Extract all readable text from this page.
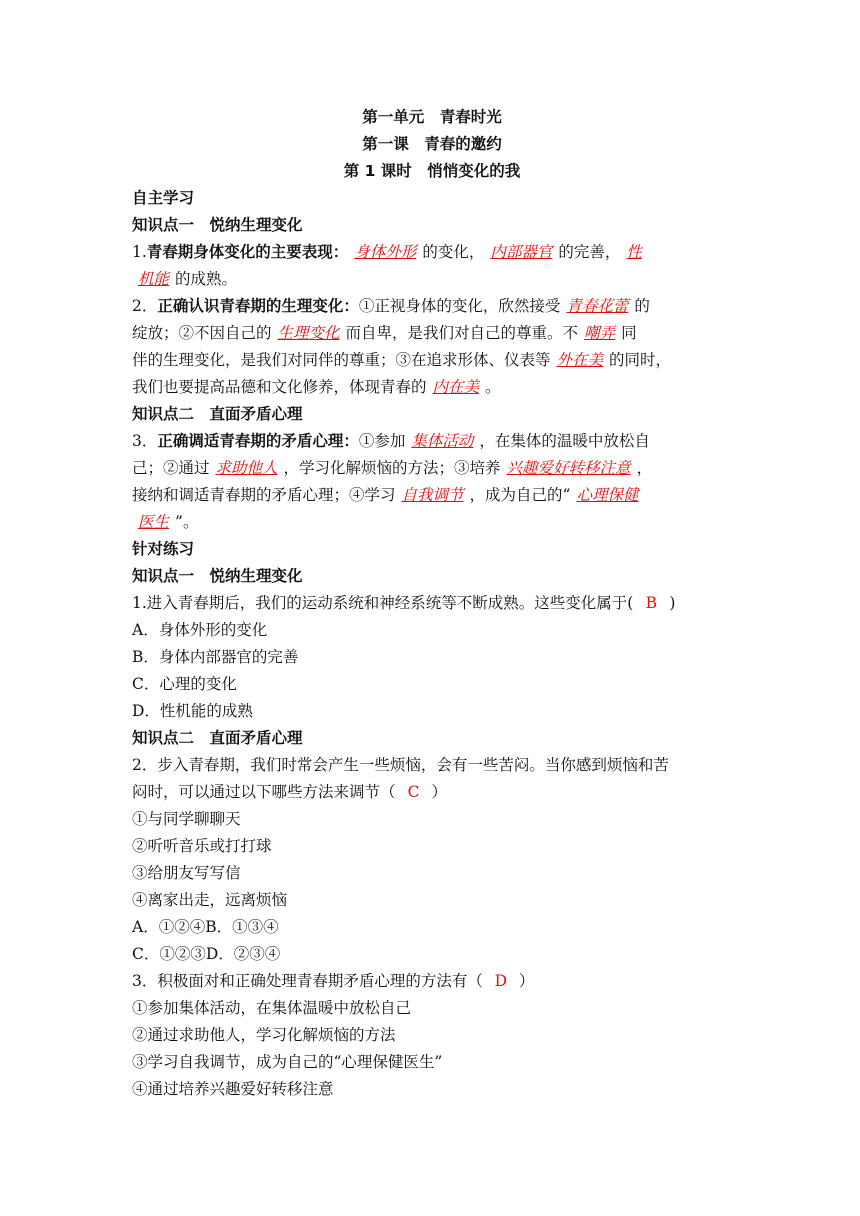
第一单元　青春时光
第一课　青春的邀约
第 1 课时　悄悄变化的我
自主学习
知识点一　悦纳生理变化
1.青春期身体变化的主要表现： 身体外形 的变化， 内部器官 的完善， 性
机能 的成熟。
2．正确认识青春期的生理变化：①正视身体的变化，欣然接受 青春花蕾 的
绽放；②不因自己的 生理变化 而自卑，是我们对自己的尊重。不 嘲弄 同
伴的生理变化，是我们对同伴的尊重；③在追求形体、仪表等 外在美 的同时，
我们也要提高品德和文化修养，体现青春的 内在美 。
知识点二　直面矛盾心理
3．正确调适青春期的矛盾心理：①参加 集体活动 ，在集体的温暖中放松自
己；②通过 求助他人 ，学习化解烦恼的方法；③培养 兴趣爱好转移注意 ，
接纳和调适青春期的矛盾心理；④学习 自我调节 ，成为自己的“ 心理保健
医生 ”。
针对练习
知识点一　悦纳生理变化
1.进入青春期后，我们的运动系统和神经系统等不断成熟。这些变化属于( B )
A．身体外形的变化
B．身体内部器官的完善
C．心理的变化
D．性机能的成熟
知识点二　直面矛盾心理
2．步入青春期，我们时常会产生一些烦恼，会有一些苦闷。当你感到烦恼和苦
闷时，可以通过以下哪些方法来调节（ C ）
①与同学聊聊天
②听听音乐或打打球
③给朋友写写信
④离家出走，远离烦恼
A．①②④B．①③④
C．①②③D．②③④
3．积极面对和正确处理青春期矛盾心理的方法有（ D ）
①参加集体活动，在集体温暖中放松自己
②通过求助他人，学习化解烦恼的方法
③学习自我调节，成为自己的“心理保健医生”
④通过培养兴趣爱好转移注意
